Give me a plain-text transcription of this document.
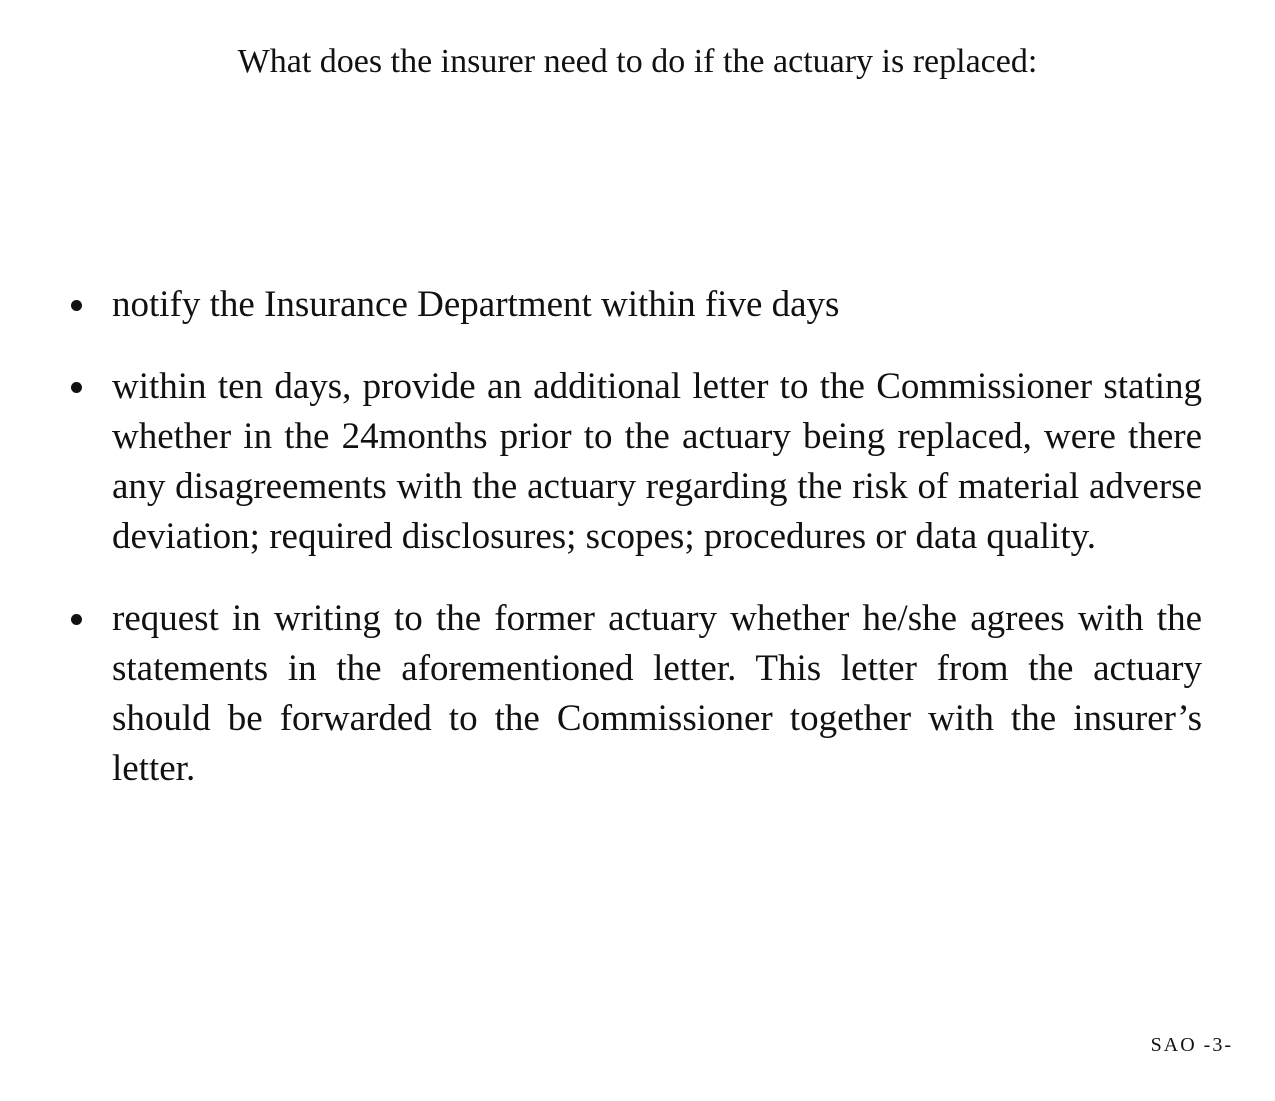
What does the insurer need to do if the actuary is replaced:
notify the Insurance Department within five days
within ten days, provide an additional letter to the Commissioner stating whether in the 24months prior to the actuary being replaced, were there any disagreements with the actuary regarding the risk of material adverse deviation; required disclosures; scopes; procedures or data quality.
request in writing to the former actuary whether he/she agrees with the statements in the aforementioned letter. This letter from the actuary should be forwarded to the Commissioner together with the insurer’s letter.
SAO -3-
